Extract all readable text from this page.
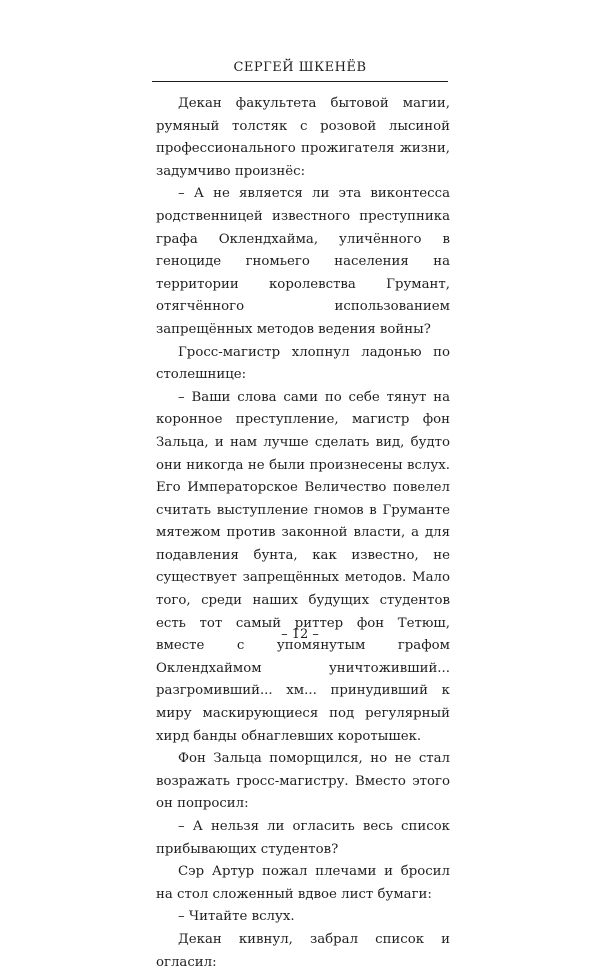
СЕРГЕЙ ШКЕНЁВ

Декан факультета бытовой магии, румяный толстяк с розовой лысиной профессионального прожигателя жизни, задумчиво произнёс:

– А не является ли эта виконтесса родственницей известного преступника графа Оклендхайма, уличённого в геноциде гномьего населения на территории королевства Грумант, отягчённого использованием запрещённых методов ведения войны?

Гросс-магистр хлопнул ладонью по столешнице:

– Ваши слова сами по себе тянут на коронное преступление, магистр фон Зальца, и нам лучше сделать вид, будто они никогда не были произнесены вслух. Его Императорское Величество повелел считать выступление гномов в Груманте мятежом против законной власти, а для подавления бунта, как известно, не существует запрещённых методов. Мало того, среди наших будущих студентов есть тот самый риттер фон Тетюш, вместе с упомянутым графом Оклендхаймом уничтоживший... разгромивший... хм... принудивший к миру маскирующиеся под регулярный хирд банды обнаглевших коротышек.

Фон Зальца поморщился, но не стал возражать гросс-магистру. Вместо этого он попросил:

– А нельзя ли огласить весь список прибывающих студентов?

Сэр Артур пожал плечами и бросил на стол сложенный вдвое лист бумаги:

– Читайте вслух.

Декан кивнул, забрал список и огласил:

– 12 –
